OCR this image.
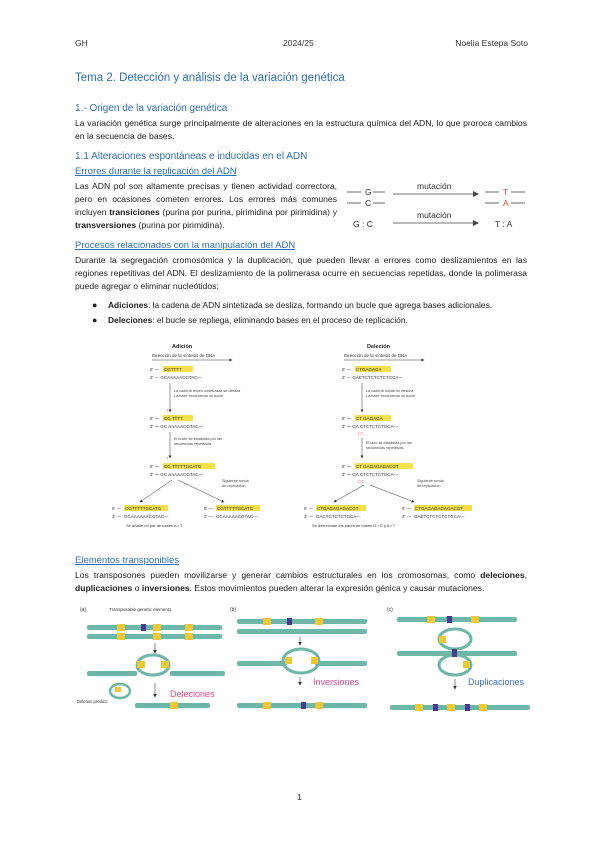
GH	2024/25	Noelia Estepa Soto
Tema 2. Detección y análisis de la variación genética
1.- Origen de la variación genética
La variación genética surge principalmente de alteraciones en la estructura química del ADN, lo que proroca cambios en la secuencia de bases.
1.1 Alteraciones espontáneas e inducidas en el ADN
Errores durante la replicación del ADN
Las ADN pol son altamente precisas y tienen actividad correctora, pero en ocasiones cometen errores. Los errores más comunes incluyen transiciones (purina por purina, pirimidina por pirimidina) y transversiones (purina por pirimidina).
G
C
mutación
T
A
G : C
mutación
T : A
Procesos relacionados con la manipulación del ADN
Durante la segregación cromosómica y la duplicación, que pueden llevar a errores como deslizamientos en las regiones repetitivas del ADN. El deslizamiento de la polimerasa ocurre en secuencias repetidas, donde la polimerasa puede agregar o eliminar nucleótidos:
● Adiciones: la cadena de ADN sintetizada se desliza, formando un bucle que agrega bases adicionales.
● Deleciones: el bucle se repliega, eliminando bases en el proceso de replicación.
Adición
Dirección de la síntesis de DNA
5' — CGTTTT
3' — GCAAAAACGTAC—
La cadena recién sintetizada se desliza
La base extra forma un bucle
T
5' — CG TTTT
3' — GC AAAAACGTAC—
El bucle se estabiliza por las
secuencias repetitivas
T
5' — CG TTTTTGCATG
3' — GC AAAAACGTAC—
Siguiente ronda
de replicación
5' — CGTTTTTGCATG
3' — GCAAAAAACGTAC—
5' — CGTTTTTGCATG
3' — GCAAAAACGTAC—
Se añade un par de bases A • T
Deleción
Dirección de la síntesis de DNA
5' — CTGAGAGA
3' — GAETCTCTCTCTGCA—
La cadena molde se desliza
La base extra forma un bucle
5' — CT GAGAGA
3' — GA CTCTCTCTGCA—
CT
El lazo se estabiliza por las
secuencias repetitivas
5' — CT GAGAGAGACGT
3' — GA CTCTCTCTGCA—
CT	Siguiente ronda
de replicación
5' — CTGAGAGAGACGT
3' — GACTCTCTCTGCA—
5' — CTGAGAGAGAGACGT
3' — GAETCTCTCTCTGCA—
Se delecionan los pares de bases G • C y A • T
Elementos transponibles
Los transposones pueden movilizarse y generar cambios estructurales en los cromosomas, como deleciones, duplicaciones o inversiones. Estos movimientos pueden alterar la expresión génica y causar mutaciones.
(a)	Transposable genetic elements
Deletion product
Deleciones
(b)
Inversiones
(c)
Duplicaciones
1
